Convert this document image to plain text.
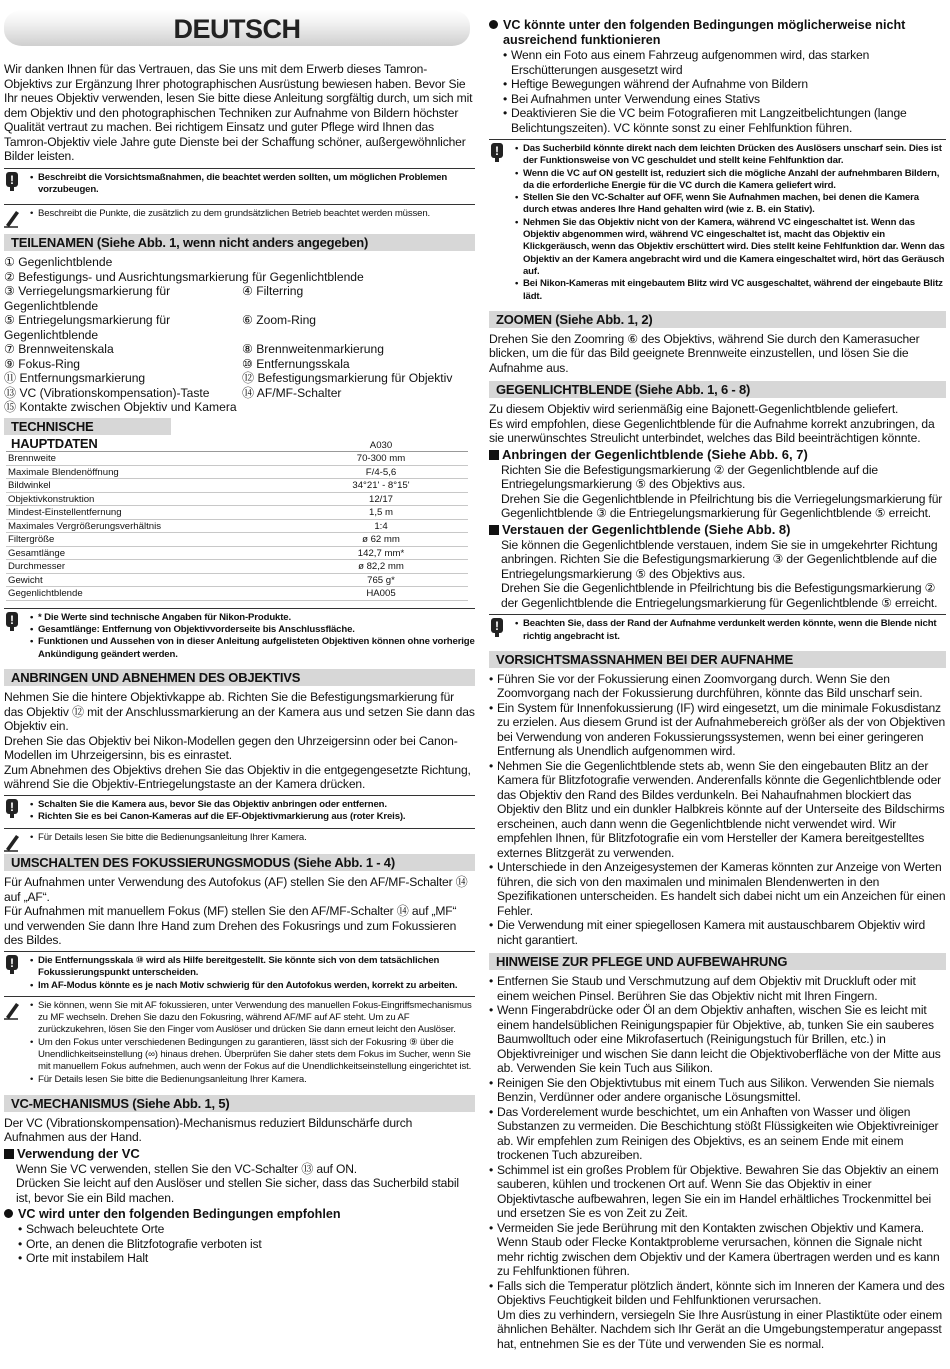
DEUTSCH

Wir danken Ihnen für das Vertrauen, das Sie uns mit dem Erwerb dieses Tamron-Objektivs zur Ergänzung Ihrer photographischen Ausrüstung bewiesen haben. Bevor Sie Ihr neues Objektiv verwenden, lesen Sie bitte diese Anleitung sorgfältig durch, um sich mit dem Objektiv und den photographischen Techniken zur Aufnahme von Bildern höchster Qualität vertraut zu machen. Bei richtigem Einsatz und guter Pflege wird Ihnen das Tamron-Objektiv viele Jahre gute Dienste bei der Schaffung schöner, außergewöhnlicher Bilder leisten.

!	• Beschreibt die Vorsichtsmaßnahmen, die beachtet werden sollten, um möglichen Problemen vorzubeugen.
• Beschreibt die Punkte, die zusätzlich zu dem grundsätzlichen Betrieb beachtet werden müssen.
TEILENAMEN (Siehe Abb. 1, wenn nicht anders angegeben)
① Gegenlichtblende
② Befestigungs- und Ausrichtungsmarkierung für Gegenlichtblende
③ Verriegelungsmarkierung für Gegenlichtblende
④ Filterring
⑤ Entriegelungsmarkierung für Gegenlichtblende
⑥ Zoom-Ring
⑦ Brennweitenskala	⑧ Brennweitenmarkierung
⑨ Fokus-Ring	⑩ Entfernungsskala
⑪ Entfernungsmarkierung	⑫ Befestigungsmarkierung für Objektiv
⑬ VC (Vibrationskompensation)-Taste	⑭ AF/MF-Schalter
⑮ Kontakte zwischen Objektiv und Kamera
TECHNISCHE HAUPTDATEN
		A030
Brennweite	70-300 mm
Maximale Blendenöffnung	F/4-5,6
Bildwinkel	34°21' - 8°15'
Objektivkonstruktion	12/17
Mindest-Einstellentfernung	1,5 m
Maximales Vergrößerungsverhältnis	1:4
Filtergröße	ø 62 mm
Gesamtlänge	142,7 mm*
Durchmesser	ø 82,2 mm
Gewicht	765 g*
Gegenlichtblende	HA005
!	• * Die Werte sind technische Angaben für Nikon-Produkte.
• Gesamtlänge: Entfernung von Objektivvorderseite bis Anschlussfläche.
• Funktionen und Aussehen von in dieser Anleitung aufgelisteten Objektiven können ohne vorherige Ankündigung geändert werden.
ANBRINGEN UND ABNEHMEN DES OBJEKTIVS

Nehmen Sie die hintere Objektivkappe ab. Richten Sie die Befestigungsmarkierung für das Objektiv ⑫ mit der Anschlussmarkierung an der Kamera aus und setzen Sie dann das Objektiv ein.

Drehen Sie das Objektiv bei Nikon-Modellen gegen den Uhrzeigersinn oder bei Canon-Modellen im Uhrzeigersinn, bis es einrastet.

Zum Abnehmen des Objektivs drehen Sie das Objektiv in die entgegengesetzte Richtung, während Sie die Objektiv-Entriegelungstaste an der Kamera drücken.

!	• Schalten Sie die Kamera aus, bevor Sie das Objektiv anbringen oder entfernen.
• Richten Sie es bei Canon-Kameras auf die EF-Objektivmarkierung aus (roter Kreis).
• Für Details lesen Sie bitte die Bedienungsanleitung Ihrer Kamera.
UMSCHALTEN DES FOKUSSIERUNGSMODUS (Siehe Abb. 1 - 4)

Für Aufnahmen unter Verwendung des Autofokus (AF) stellen Sie den AF/MF-Schalter ⑭ auf „AF“.

Für Aufnahmen mit manuellem Fokus (MF) stellen Sie den AF/MF-Schalter ⑭ auf „MF“ und verwenden Sie dann Ihre Hand zum Drehen des Fokusrings und zum Fokussieren des Bildes.

!	• Die Entfernungsskala ⑩ wird als Hilfe bereitgestellt. Sie könnte sich von dem tatsächlichen Fokussierungspunkt unterscheiden.
• Im AF-Modus könnte es je nach Motiv schwierig für den Autofokus werden, korrekt zu arbeiten.
• Sie können, wenn Sie mit AF fokussieren, unter Verwendung des manuellen Fokus-Eingriffsmechanismus zu MF wechseln. Drehen Sie dazu den Fokusring, während AF/MF auf AF steht. Um zu AF zurückzukehren, lösen Sie den Finger vom Auslöser und drücken Sie dann erneut leicht den Auslöser.
• Um den Fokus unter verschiedenen Bedingungen zu garantieren, lässt sich der Fokusring ⑨ über die Unendlichkeitseinstellung (∞) hinaus drehen. Überprüfen Sie daher stets dem Fokus im Sucher, wenn Sie mit manuellem Fokus aufnehmen, auch wenn der Fokus auf die Unendlichkeitseinstellung eingerichtet ist.
• Für Details lesen Sie bitte die Bedienungsanleitung Ihrer Kamera.
VC-MECHANISMUS (Siehe Abb. 1, 5)

Der VC (Vibrationskompensation)-Mechanismus reduziert Bildunschärfe durch Aufnahmen aus der Hand.

Verwendung der VC

Wenn Sie VC verwenden, stellen Sie den VC-Schalter ⑬ auf ON.

Drücken Sie leicht auf den Auslöser und stellen Sie sicher, dass das Sucherbild stabil ist, bevor Sie ein Bild machen.

VC wird unter den folgenden Bedingungen empfohlen
• Schwach beleuchtete Orte
• Orte, an denen die Blitzfotografie verboten ist
• Orte mit instabilem Halt
VC könnte unter den folgenden Bedingungen möglicherweise nicht ausreichend funktionieren
• Wenn ein Foto aus einem Fahrzeug aufgenommen wird, das starken Erschütterungen ausgesetzt wird
• Heftige Bewegungen während der Aufnahme von Bildern
• Bei Aufnahmen unter Verwendung eines Stativs
• Deaktivieren Sie die VC beim Fotografieren mit Langzeitbelichtungen (lange Belichtungszeiten). VC könnte sonst zu einer Fehlfunktion führen.
!	• Das Sucherbild könnte direkt nach dem leichten Drücken des Auslösers unscharf sein. Dies ist der Funktionsweise von VC geschuldet und stellt keine Fehlfunktion dar.
• Wenn die VC auf ON gestellt ist, reduziert sich die mögliche Anzahl der aufnehmbaren Bildern, da die erforderliche Energie für die VC durch die Kamera geliefert wird.
• Stellen Sie den VC-Schalter auf OFF, wenn Sie Aufnahmen machen, bei denen die Kamera durch etwas anderes Ihre Hand gehalten wird (wie z. B. ein Stativ).
• Nehmen Sie das Objektiv nicht von der Kamera, während VC eingeschaltet ist. Wenn das Objektiv abgenommen wird, während VC eingeschaltet ist, macht das Objektiv ein Klickgeräusch, wenn das Objektiv erschüttert wird. Dies stellt keine Fehlfunktion dar. Wenn das Objektiv an der Kamera angebracht wird und die Kamera eingeschaltet wird, hört das Geräusch auf.
• Bei Nikon-Kameras mit eingebautem Blitz wird VC ausgeschaltet, während der eingebaute Blitz lädt.
ZOOMEN (Siehe Abb. 1, 2)

Drehen Sie den Zoomring ⑥ des Objektivs, während Sie durch den Kamerasucher blicken, um die für das Bild geeignete Brennweite einzustellen, und lösen Sie die Aufnahme aus.

GEGENLICHTBLENDE (Siehe Abb. 1, 6 - 8)

Zu diesem Objektiv wird serienmäßig eine Bajonett-Gegenlichtblende geliefert.

Es wird empfohlen, diese Gegenlichtblende für die Aufnahme korrekt anzubringen, da sie unerwünschtes Streulicht unterbindet, welches das Bild beeinträchtigen könnte.

Anbringen der Gegenlichtblende (Siehe Abb. 6, 7)

Richten Sie die Befestigungsmarkierung ② der Gegenlichtblende auf die Entriegelungsmarkierung ⑤ des Objektivs aus.

Drehen Sie die Gegenlichtblende in Pfeilrichtung bis die Verriegelungsmarkierung für Gegenlichtblende ③ die Entriegelungsmarkierung für Gegenlichtblende ⑤ erreicht.

Verstauen der Gegenlichtblende (Siehe Abb. 8)

Sie können die Gegenlichtblende verstauen, indem Sie sie in umgekehrter Richtung anbringen. Richten Sie die Befestigungsmarkierung ③ der Gegenlichtblende auf die Entriegelungsmarkierung ⑤ des Objektivs aus.

Drehen Sie die Gegenlichtblende in Pfeilrichtung bis die Befestigungsmarkierung ② der Gegenlichtblende die Entriegelungsmarkierung für Gegenlichtblende ⑤ erreicht.

!	• Beachten Sie, dass der Rand der Aufnahme verdunkelt werden könnte, wenn die Blende nicht richtig angebracht ist.
VORSICHTSMASSNAHMEN BEI DER AUFNAHME
• Führen Sie vor der Fokussierung einen Zoomvorgang durch. Wenn Sie den Zoomvorgang nach der Fokussierung durchführen, könnte das Bild unscharf sein.
• Ein System für Innenfokussierung (IF) wird eingesetzt, um die minimale Fokusdistanz zu erzielen. Aus diesem Grund ist der Aufnahmebereich größer als der von Objektiven bei Verwendung von anderen Fokussierungssystemen, wenn bei einer geringeren Entfernung als Unendlich aufgenommen wird.
• Nehmen Sie die Gegenlichtblende stets ab, wenn Sie den eingebauten Blitz an der Kamera für Blitzfotografie verwenden. Anderenfalls könnte die Gegenlichtblende oder das Objektiv den Rand des Bildes verdunkeln. Bei Nahaufnahmen blockiert das Objektiv den Blitz und ein dunkler Halbkreis könnte auf der Unterseite des Bildschirms erscheinen, auch dann wenn die Gegenlichtblende nicht verwendet wird. Wir empfehlen Ihnen, für Blitzfotografie ein vom Hersteller der Kamera bereitgestelltes externes Blitzgerät zu verwenden.
• Unterschiede in den Anzeigesystemen der Kameras könnten zur Anzeige von Werten führen, die sich von den maximalen und minimalen Blendenwerten in den Spezifikationen unterscheiden. Es handelt sich dabei nicht um ein Anzeichen für einen Fehler.
• Die Verwendung mit einer spiegellosen Kamera mit austauschbarem Objektiv wird nicht garantiert.
HINWEISE ZUR PFLEGE UND AUFBEWAHRUNG
• Entfernen Sie Staub und Verschmutzung auf dem Objektiv mit Druckluft oder mit einem weichen Pinsel. Berühren Sie das Objektiv nicht mit Ihren Fingern.
• Wenn Fingerabdrücke oder Öl an dem Objektiv anhaften, wischen Sie es leicht mit einem handelsüblichen Reinigungspapier für Objektive, ab, tunken Sie ein sauberes Baumwolltuch oder eine Mikrofasertuch (Reinigungstuch für Brillen, etc.) in Objektivreiniger und wischen Sie dann leicht die Objektivoberfläche von der Mitte aus ab. Verwenden Sie kein Tuch aus Silikon.
• Reinigen Sie den Objektivtubus mit einem Tuch aus Silikon. Verwenden Sie niemals Benzin, Verdünner oder andere organische Lösungsmittel.
• Das Vorderelement wurde beschichtet, um ein Anhaften von Wasser und öligen Substanzen zu vermeiden. Die Beschichtung stößt Flüssigkeiten wie Objektivreiniger ab. Wir empfehlen zum Reinigen des Objektivs, es an seinem Ende mit einem trockenen Tuch abzureiben.
• Schimmel ist ein großes Problem für Objektive. Bewahren Sie das Objektiv an einem sauberen, kühlen und trockenen Ort auf. Wenn Sie das Objektiv in einer Objektivtasche aufbewahren, legen Sie ein im Handel erhältliches Trockenmittel bei und ersetzen Sie es von Zeit zu Zeit.
• Vermeiden Sie jede Berührung mit den Kontakten zwischen Objektiv und Kamera. Wenn Staub oder Flecke Kontaktprobleme verursachen, können die Signale nicht mehr richtig zwischen dem Objektiv und der Kamera übertragen werden und es kann zu Fehlfunktionen führen.
• Falls sich die Temperatur plötzlich ändert, könnte sich im Inneren der Kamera und des Objektivs Feuchtigkeit bilden und Fehlfunktionen verursachen.

Um dies zu verhindern, versiegeln Sie Ihre Ausrüstung in einer Plastiktüte oder einem ähnlichen Behälter. Nachdem sich Ihr Gerät an die Umgebungstemperatur angepasst hat, entnehmen Sie es der Tüte und verwenden Sie es normal.
